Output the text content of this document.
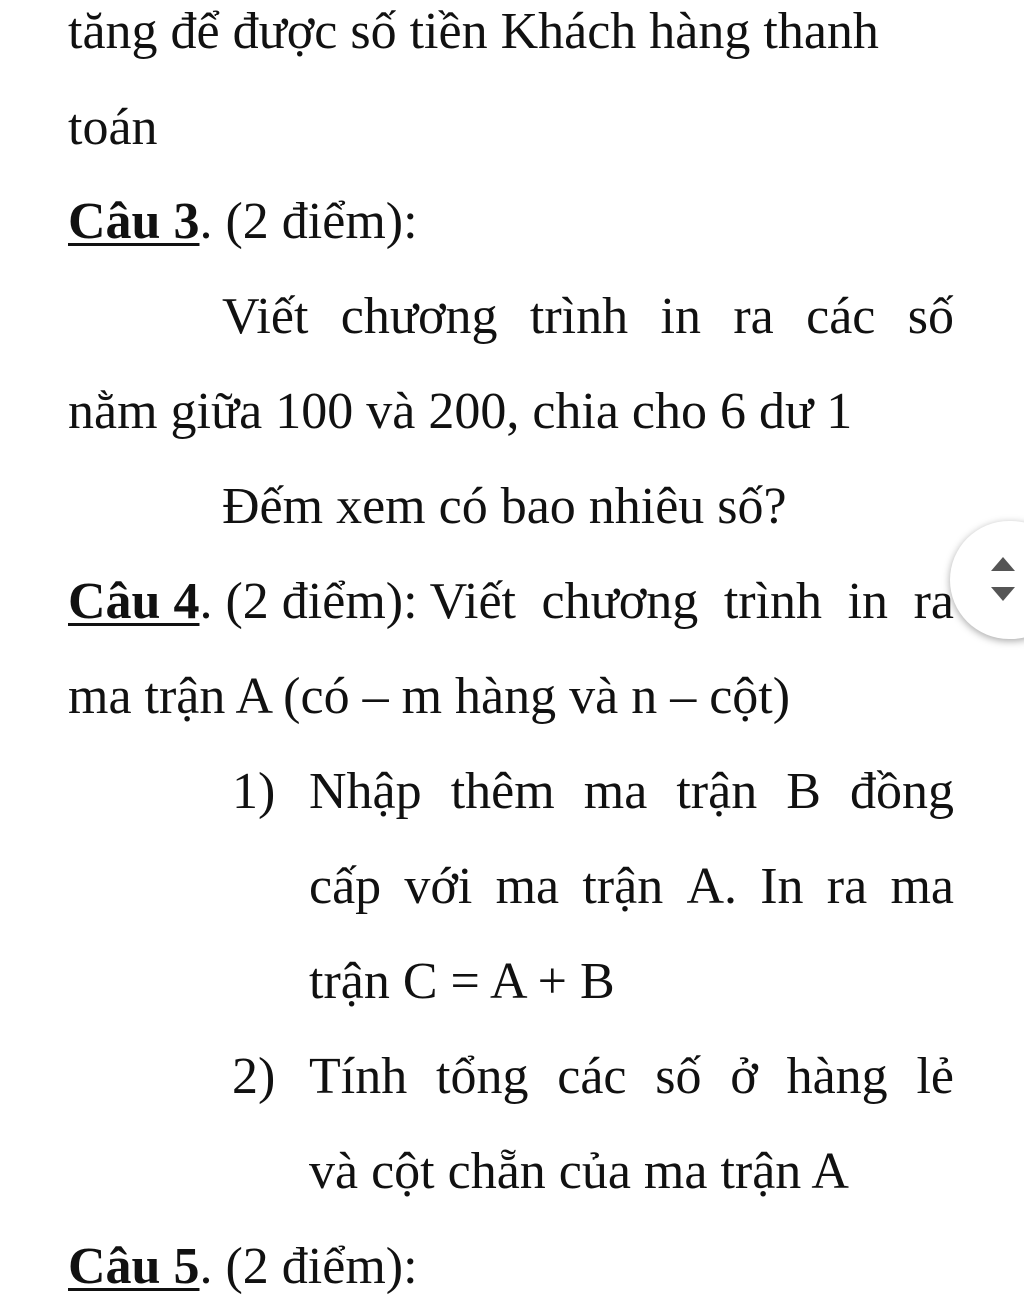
tăng để được số tiền Khách hàng thanh
toán
Câu 3. (2 điểm):
Viết chương trình in ra các số
nằm giữa 100 và 200, chia cho 6 dư 1
Đếm xem có bao nhiêu số?
Câu 4. (2 điểm): Viết chương trình in ra
ma trận A (có – m hàng và n – cột)
1) Nhập thêm ma trận B đồng
cấp với ma trận A. In ra ma
trận C = A + B
2) Tính tổng các số ở hàng lẻ
và cột chẵn của ma trận A
Câu 5. (2 điểm):
